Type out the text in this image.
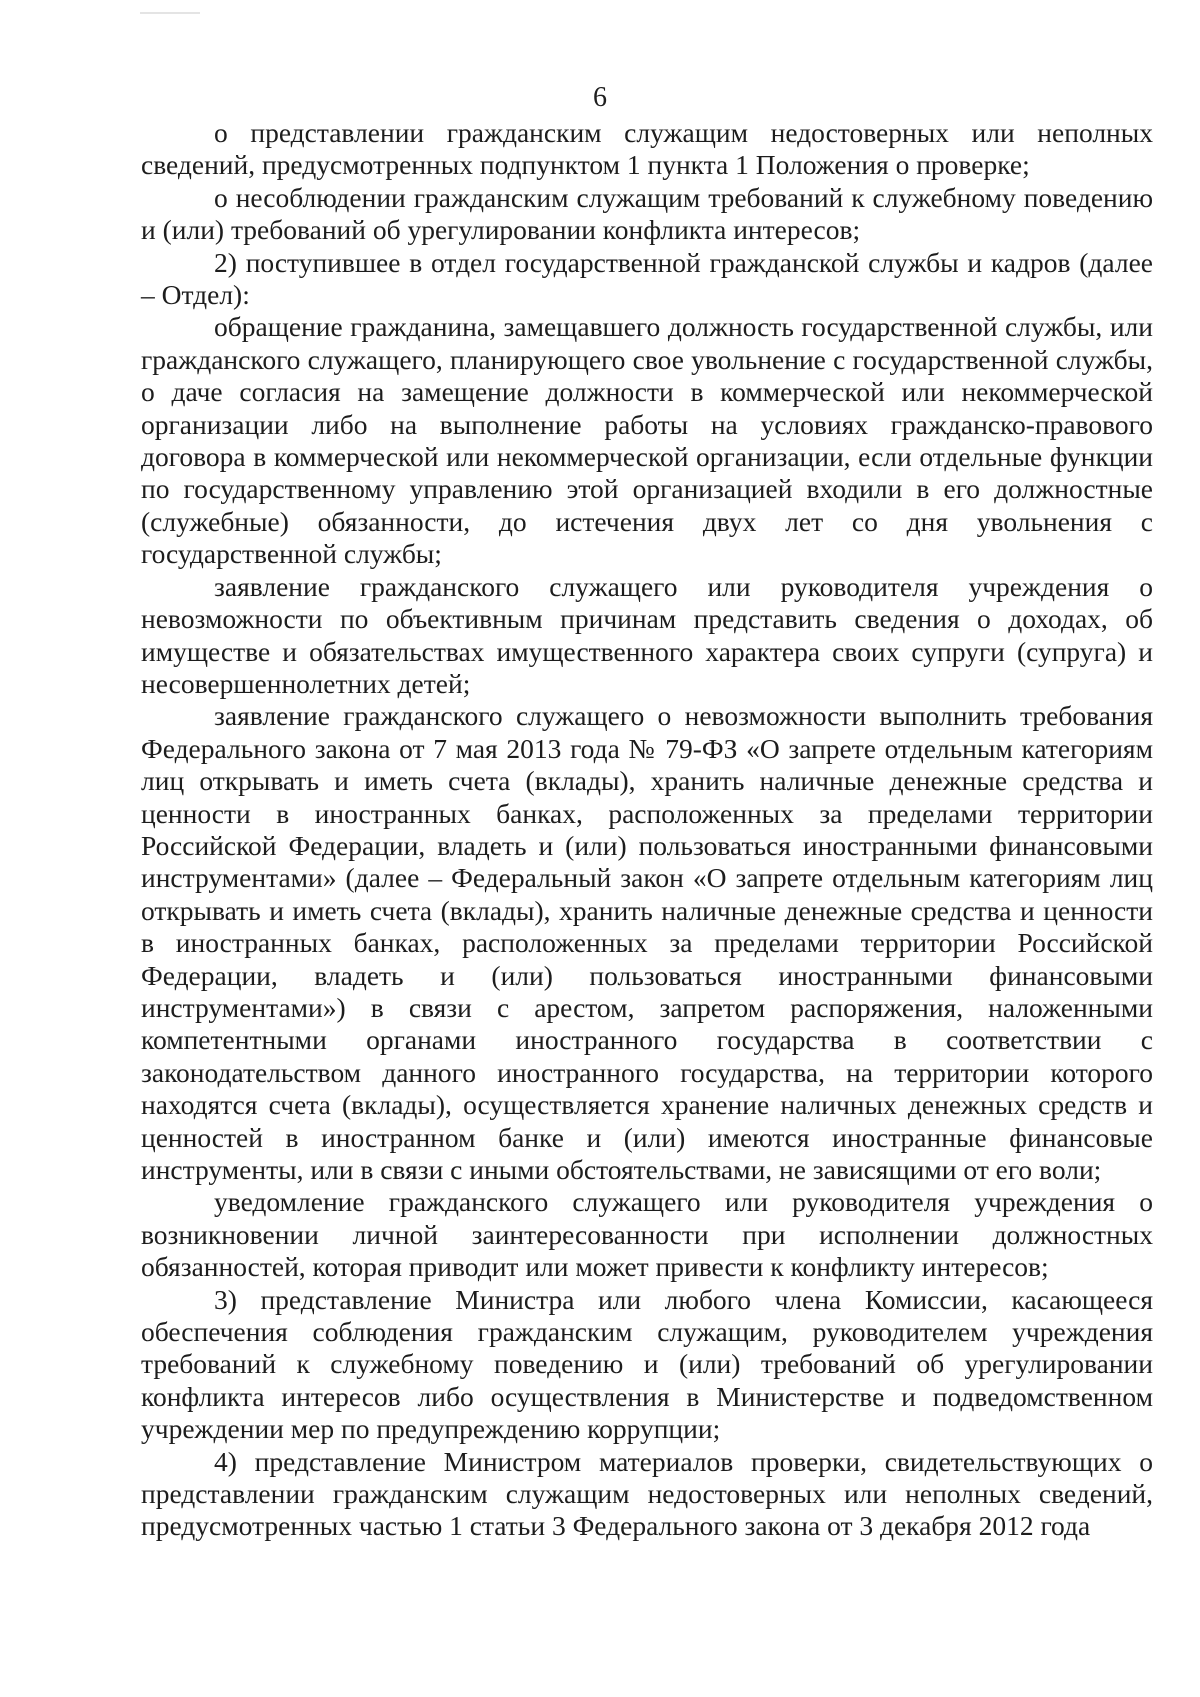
6

о представлении гражданским служащим недостоверных или неполных сведений, предусмотренных подпунктом 1 пункта 1 Положения о проверке;

о несоблюдении гражданским служащим требований к служебному поведению и (или) требований об урегулировании конфликта интересов;

2) поступившее в отдел государственной гражданской службы и кадров (далее – Отдел):

обращение гражданина, замещавшего должность государственной службы, или гражданского служащего, планирующего свое увольнение с государственной службы, о даче согласия на замещение должности в коммерческой или некоммерческой организации либо на выполнение работы на условиях гражданско-правового договора в коммерческой или некоммерческой организации, если отдельные функции по государственному управлению этой организацией входили в его должностные (служебные) обязанности, до истечения двух лет со дня увольнения с государственной службы;

заявление гражданского служащего или руководителя учреждения о невозможности по объективным причинам представить сведения о доходах, об имуществе и обязательствах имущественного характера своих супруги (супруга) и несовершеннолетних детей;

заявление гражданского служащего о невозможности выполнить требования Федерального закона от 7 мая 2013 года № 79-ФЗ «О запрете отдельным категориям лиц открывать и иметь счета (вклады), хранить наличные денежные средства и ценности в иностранных банках, расположенных за пределами территории Российской Федерации, владеть и (или) пользоваться иностранными финансовыми инструментами» (далее – Федеральный закон «О запрете отдельным категориям лиц открывать и иметь счета (вклады), хранить наличные денежные средства и ценности в иностранных банках, расположенных за пределами территории Российской Федерации, владеть и (или) пользоваться иностранными финансовыми инструментами») в связи с арестом, запретом распоряжения, наложенными компетентными органами иностранного государства в соответствии с законодательством данного иностранного государства, на территории которого находятся счета (вклады), осуществляется хранение наличных денежных средств и ценностей в иностранном банке и (или) имеются иностранные финансовые инструменты, или в связи с иными обстоятельствами, не зависящими от его воли;

уведомление гражданского служащего или руководителя учреждения о возникновении личной заинтересованности при исполнении должностных обязанностей, которая приводит или может привести к конфликту интересов;

3) представление Министра или любого члена Комиссии, касающееся обеспечения соблюдения гражданским служащим, руководителем учреждения требований к служебному поведению и (или) требований об урегулировании конфликта интересов либо осуществления в Министерстве и подведомственном учреждении мер по предупреждению коррупции;

4) представление Министром материалов проверки, свидетельствующих о представлении гражданским служащим недостоверных или неполных сведений, предусмотренных частью 1 статьи 3 Федерального закона от 3 декабря 2012 года
